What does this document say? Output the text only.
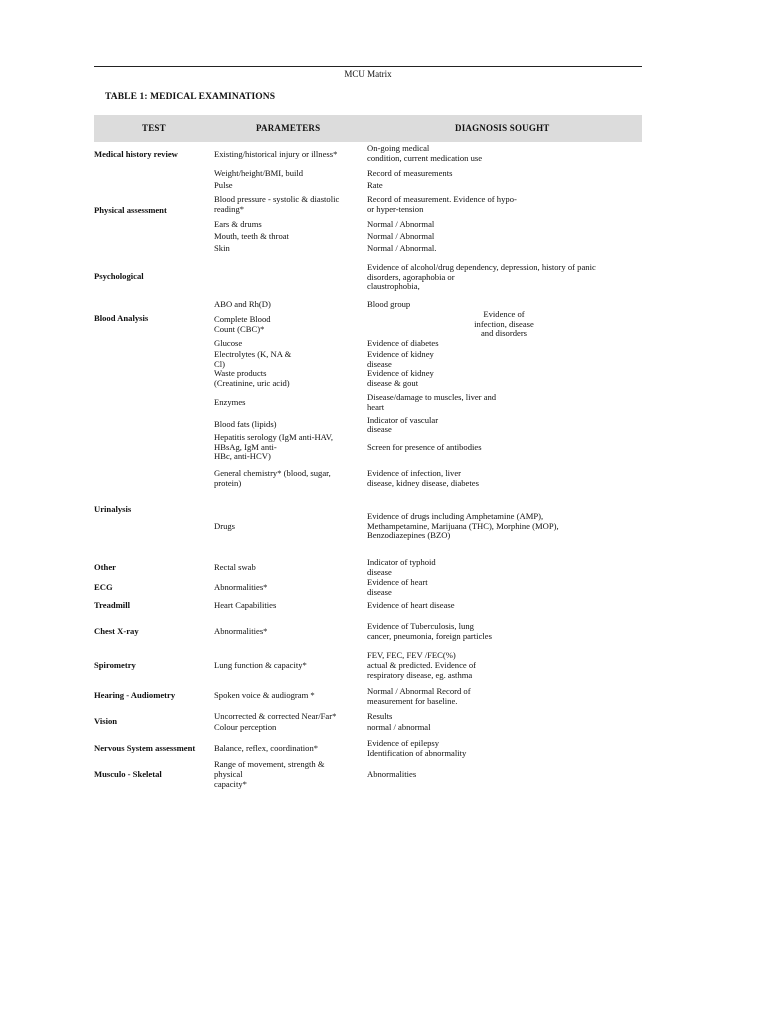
MCU Matrix
TABLE 1: MEDICAL EXAMINATIONS
TEST	PARAMETERS	DIAGNOSIS SOUGHT
Medical history review
Physical assessment
Psychological
Blood Analysis
Urinalysis
Other
ECG
Treadmill
Chest X-ray
Spirometry
Hearing - Audiometry
Vision
Nervous System assessment
Musculo - Skeletal
Existing/historical injury or illness*
Weight/height/BMI, build
Pulse
Blood pressure - systolic & diastolic
reading*
Ears & drums
Mouth, teeth & throat
Skin
ABO and Rh(D)
Complete Blood
Count (CBC)*
Glucose
Electrolytes (K, NA &
Cl)
Waste products
(Creatinine, uric acid)
Enzymes
Blood fats (lipids)
Hepatitis serology (IgM anti-HAV,
HBsAg, IgM anti-
HBc, anti-HCV)
General chemistry* (blood, sugar,
protein)
Drugs
Rectal swab
Abnormalities*
Heart Capabilities
Abnormalities*
Lung function & capacity*
Spoken voice & audiogram *
Uncorrected & corrected Near/Far*
Colour perception
Balance, reflex, coordination*
Range of movement, strength &
physical
capacity*
On-going medical
condition, current medication use
Record of measurements
Rate
Record of measurement. Evidence of hypo-
or hyper-tension
Normal / Abnormal
Normal / Abnormal
Normal / Abnormal.
Evidence of alcohol/drug dependency, depression, history of panic
disorders, agoraphobia or
claustrophobia,
Blood group
Evidence of
infection, disease
and disorders
Evidence of diabetes
Evidence of kidney
disease
Evidence of kidney
disease & gout
Disease/damage to muscles, liver and
heart
Indicator of vascular
disease
Screen for presence of antibodies
Evidence of infection, liver
disease, kidney disease, diabetes
Evidence of drugs including Amphetamine (AMP),
Methampetamine, Marijuana (THC), Morphine (MOP),
Benzodiazepines (BZO)
Indicator of typhoid
disease
Evidence of heart
disease
Evidence of heart disease
Evidence of Tuberculosis, lung
cancer, pneumonia, foreign particles
FEV, FEC, FEV /FEC(%)
actual & predicted. Evidence of
respiratory disease, eg. asthma
Normal / Abnormal Record of
measurement for baseline.
Results
normal / abnormal
Evidence of epilepsy
Identification of abnormality
Abnormalities
